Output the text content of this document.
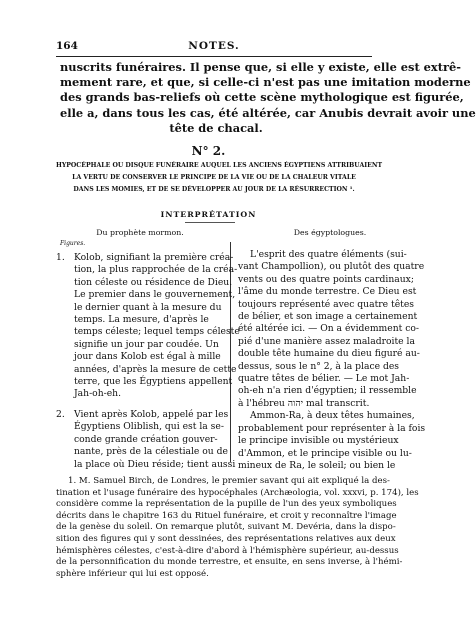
164	NOTES.
nuscrits funéraires. Il pense que, si elle y existe, elle est extrê-
mement rare, et que, si celle-ci n'est pas une imitation moderne
des grands bas-reliefs où cette scène mythologique est figurée,
elle a, dans tous les cas, été altérée, car Anubis devrait avoir une
tête de chacal.
N° 2.
HYPOCÉPHALE OU DISQUE FUNÉRAIRE AUQUEL LES ANCIENS ÉGYPTIENS ATTRIBUAIENT
LA VERTU DE CONSERVER LE PRINCIPE DE LA VIE OU DE LA CHALEUR VITALE
DANS LES MOMIES, ET DE SE DÉVELOPPER AU JOUR DE LA RÉSURRECTION ¹.
INTERPRÉTATION
Du prophète mormon.	Des égyptologues.
Figures.
1. Kolob, signifiant la première créa-
tion, la plus rapprochée de la créa-
tion céleste ou résidence de Dieu.
Le premier dans le gouvernement,
le dernier quant à la mesure du
temps. La mesure, d'après le
temps céleste; lequel temps céleste
signifie un jour par coudée. Un
jour dans Kolob est égal à mille
années, d'après la mesure de cette
terre, que les Égyptiens appellent
Jah-oh-eh.
2. Vient après Kolob, appelé par les
Égyptiens Oliblish, qui est la se-
conde grande création gouver-
nante, près de la célestiale ou de
la place où Dieu réside; tient aussi
L'esprit des quatre éléments (sui-
vant Champollion), ou plutôt des quatre
vents ou des quatre points cardinaux;
l'âme du monde terrestre. Ce Dieu est
toujours représenté avec quatre têtes
de bélier, et son image a certainement
été altérée ici. — On a évidemment co-
pié d'une manière assez maladroite la
double tête humaine du dieu figuré au-
dessus, sous le n° 2, à la place des
quatre têtes de bélier. — Le mot Jah-
oh-eh n'a rien d'égyptien; il ressemble
à l'hébreu יהוה mal transcrit.
Ammon-Ra, à deux têtes humaines,
probablement pour représenter à la fois
le principe invisible ou mystérieux
d'Ammon, et le principe visible ou lu-
mineux de Ra, le soleil; ou bien le
1. M. Samuel Birch, de Londres, le premier savant qui ait expliqué la des-
tination et l'usage funéraire des hypocéphales (Archæologia, vol. xxxvi, p. 174), les
considère comme la représentation de la pupille de l'un des yeux symboliques
décrits dans le chapitre 163 du Rituel funéraire, et croit y reconnaître l'image
de la genèse du soleil. On remarque plutôt, suivant M. Devéria, dans la dispo-
sition des figures qui y sont dessinées, des représentations relatives aux deux
hémisphères célestes, c'est-à-dire d'abord à l'hémisphère supérieur, au-dessus
de la personnification du monde terrestre, et ensuite, en sens inverse, à l'hémi-
sphère inférieur qui lui est opposé.
